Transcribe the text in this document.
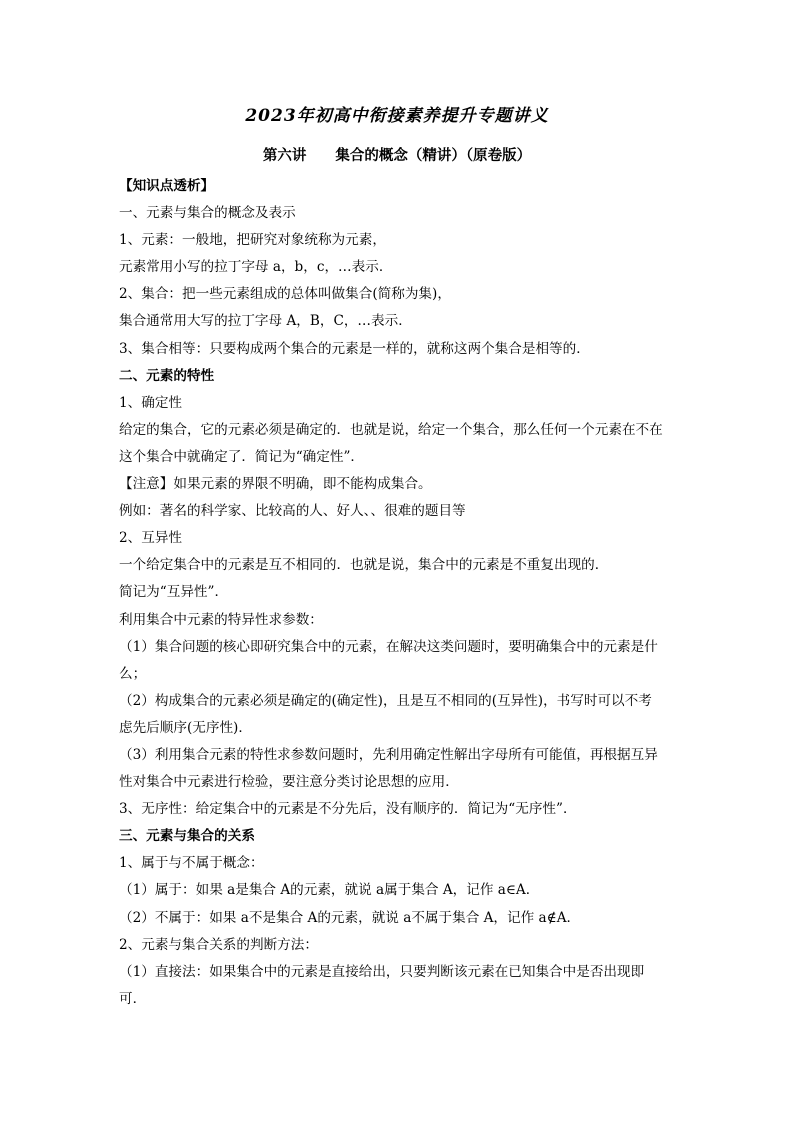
2023年初高中衔接素养提升专题讲义
第六讲　　集合的概念（精讲）（原卷版）
【知识点透析】
一、元素与集合的概念及表示
1、元素：一般地，把研究对象统称为元素，
元素常用小写的拉丁字母 a，b，c，…表示．
2、集合：把一些元素组成的总体叫做集合(简称为集)，
集合通常用大写的拉丁字母 A，B，C，…表示．
3、集合相等：只要构成两个集合的元素是一样的，就称这两个集合是相等的．
二、元素的特性
1、确定性
给定的集合，它的元素必须是确定的．也就是说，给定一个集合，那么任何一个元素在不在
这个集合中就确定了．简记为“确定性”．
【注意】如果元素的界限不明确，即不能构成集合。
例如：著名的科学家、比较高的人、好人、、很难的题目等
2、互异性
一个给定集合中的元素是互不相同的．也就是说，集合中的元素是不重复出现的．
简记为“互异性”．
利用集合中元素的特异性求参数：
（1）集合问题的核心即研究集合中的元素，在解决这类问题时，要明确集合中的元素是什
么；
（2）构成集合的元素必须是确定的(确定性)，且是互不相同的(互异性)，书写时可以不考
虑先后顺序(无序性)．
（3）利用集合元素的特性求参数问题时，先利用确定性解出字母所有可能值，再根据互异
性对集合中元素进行检验，要注意分类讨论思想的应用．
3、无序性：给定集合中的元素是不分先后，没有顺序的．简记为“无序性”．
三、元素与集合的关系
1、属于与不属于概念：
（1）属于：如果 a是集合 A的元素，就说 a属于集合 A，记作 a∈A．
（2）不属于：如果 a不是集合 A的元素，就说 a不属于集合 A，记作 a∉A．
2、元素与集合关系的判断方法：
（1）直接法：如果集合中的元素是直接给出，只要判断该元素在已知集合中是否出现即
可．
